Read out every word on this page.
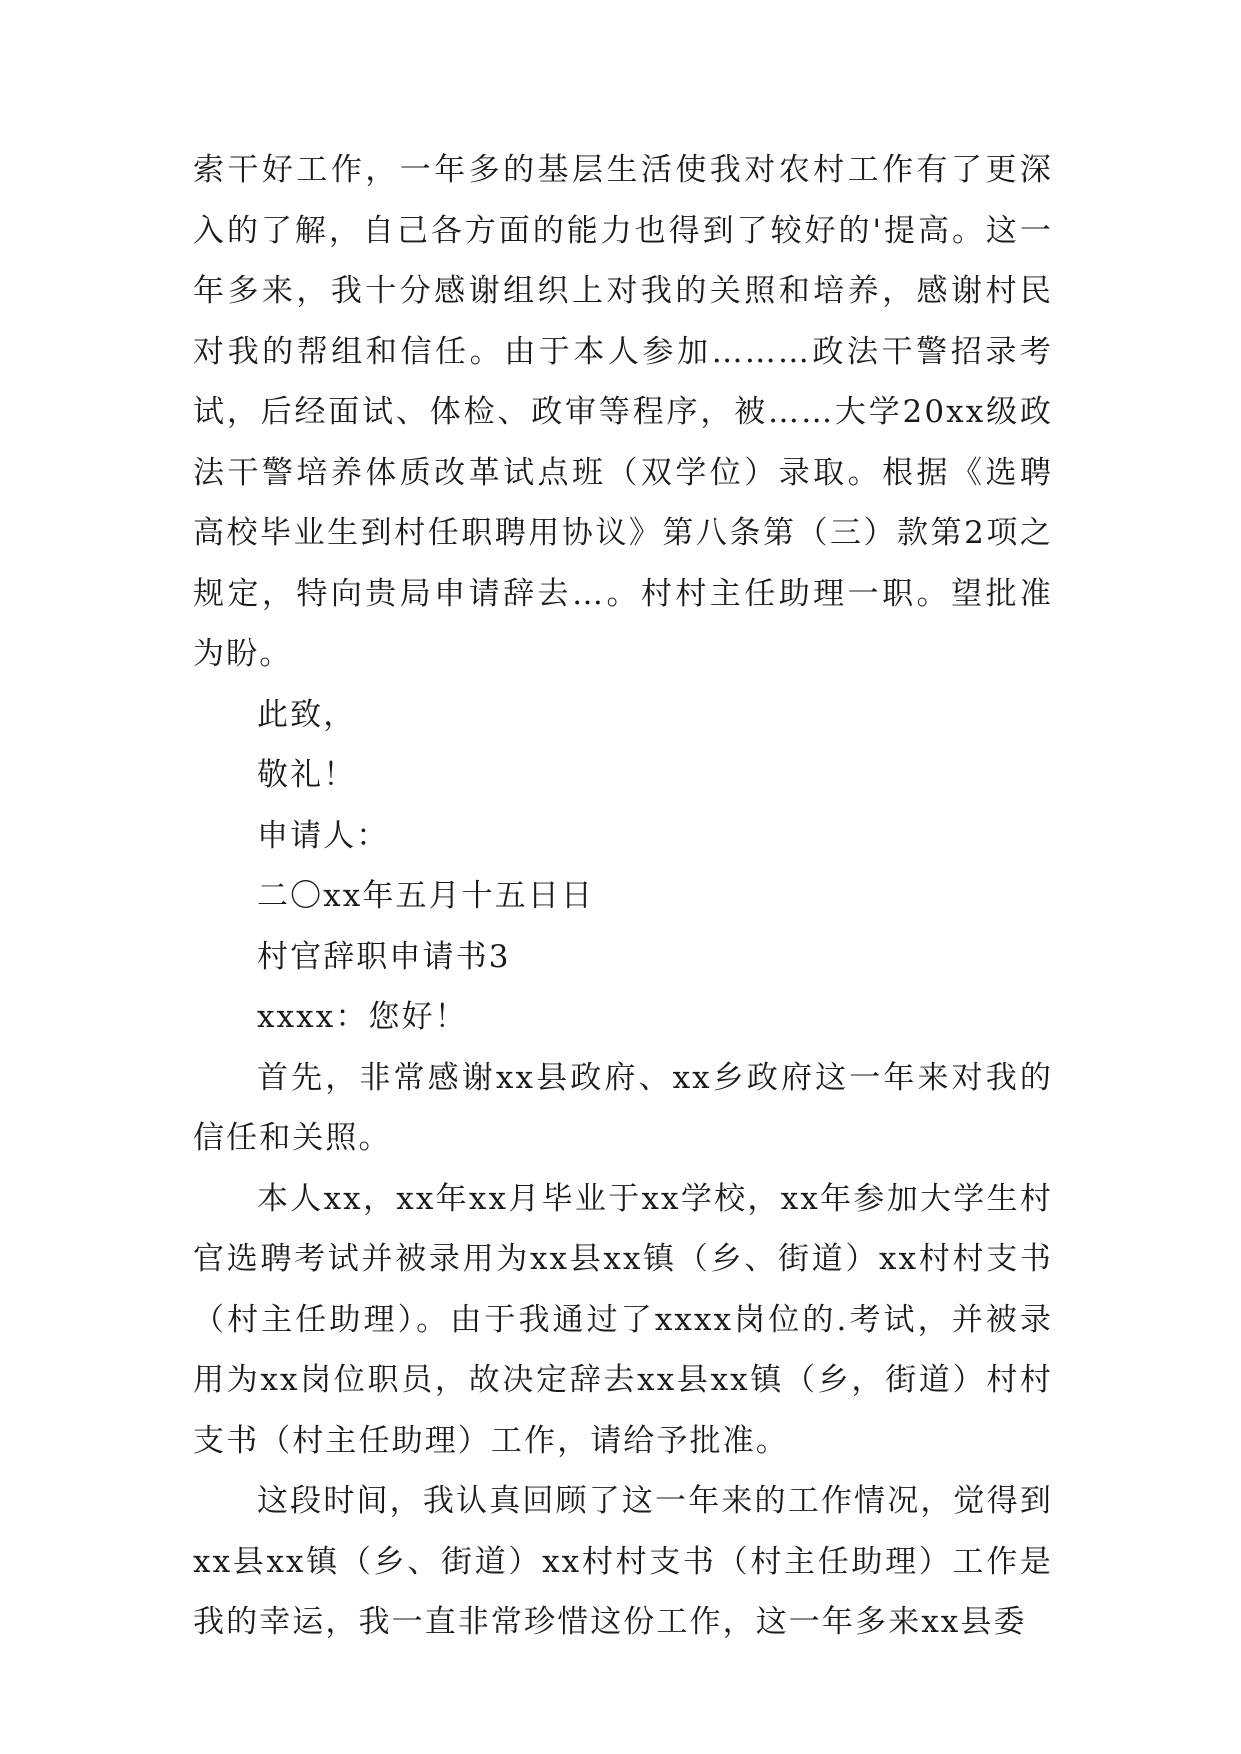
索干好工作，一年多的基层生活使我对农村工作有了更深入的了解，自己各方面的能力也得到了较好的'提高。这一年多来，我十分感谢组织上对我的关照和培养，感谢村民对我的帮组和信任。由于本人参加………政法干警招录考试，后经面试、体检、政审等程序，被……大学20xx级政法干警培养体质改革试点班（双学位）录取。根据《选聘高校毕业生到村任职聘用协议》第八条第（三）款第2项之规定，特向贵局申请辞去…。村村主任助理一职。望批准为盼。

此致，

敬礼！

申请人：

二〇xx年五月十五日日

村官辞职申请书3

xxxx：您好！

首先，非常感谢xx县政府、xx乡政府这一年来对我的信任和关照。

本人xx，xx年xx月毕业于xx学校，xx年参加大学生村官选聘考试并被录用为xx县xx镇（乡、街道）xx村村支书（村主任助理）。由于我通过了xxxx岗位的.考试，并被录用为xx岗位职员，故决定辞去xx县xx镇（乡，街道）村村支书（村主任助理）工作，请给予批准。

这段时间，我认真回顾了这一年来的工作情况，觉得到xx县xx镇（乡、街道）xx村村支书（村主任助理）工作是我的幸运，我一直非常珍惜这份工作，这一年多来xx县委
